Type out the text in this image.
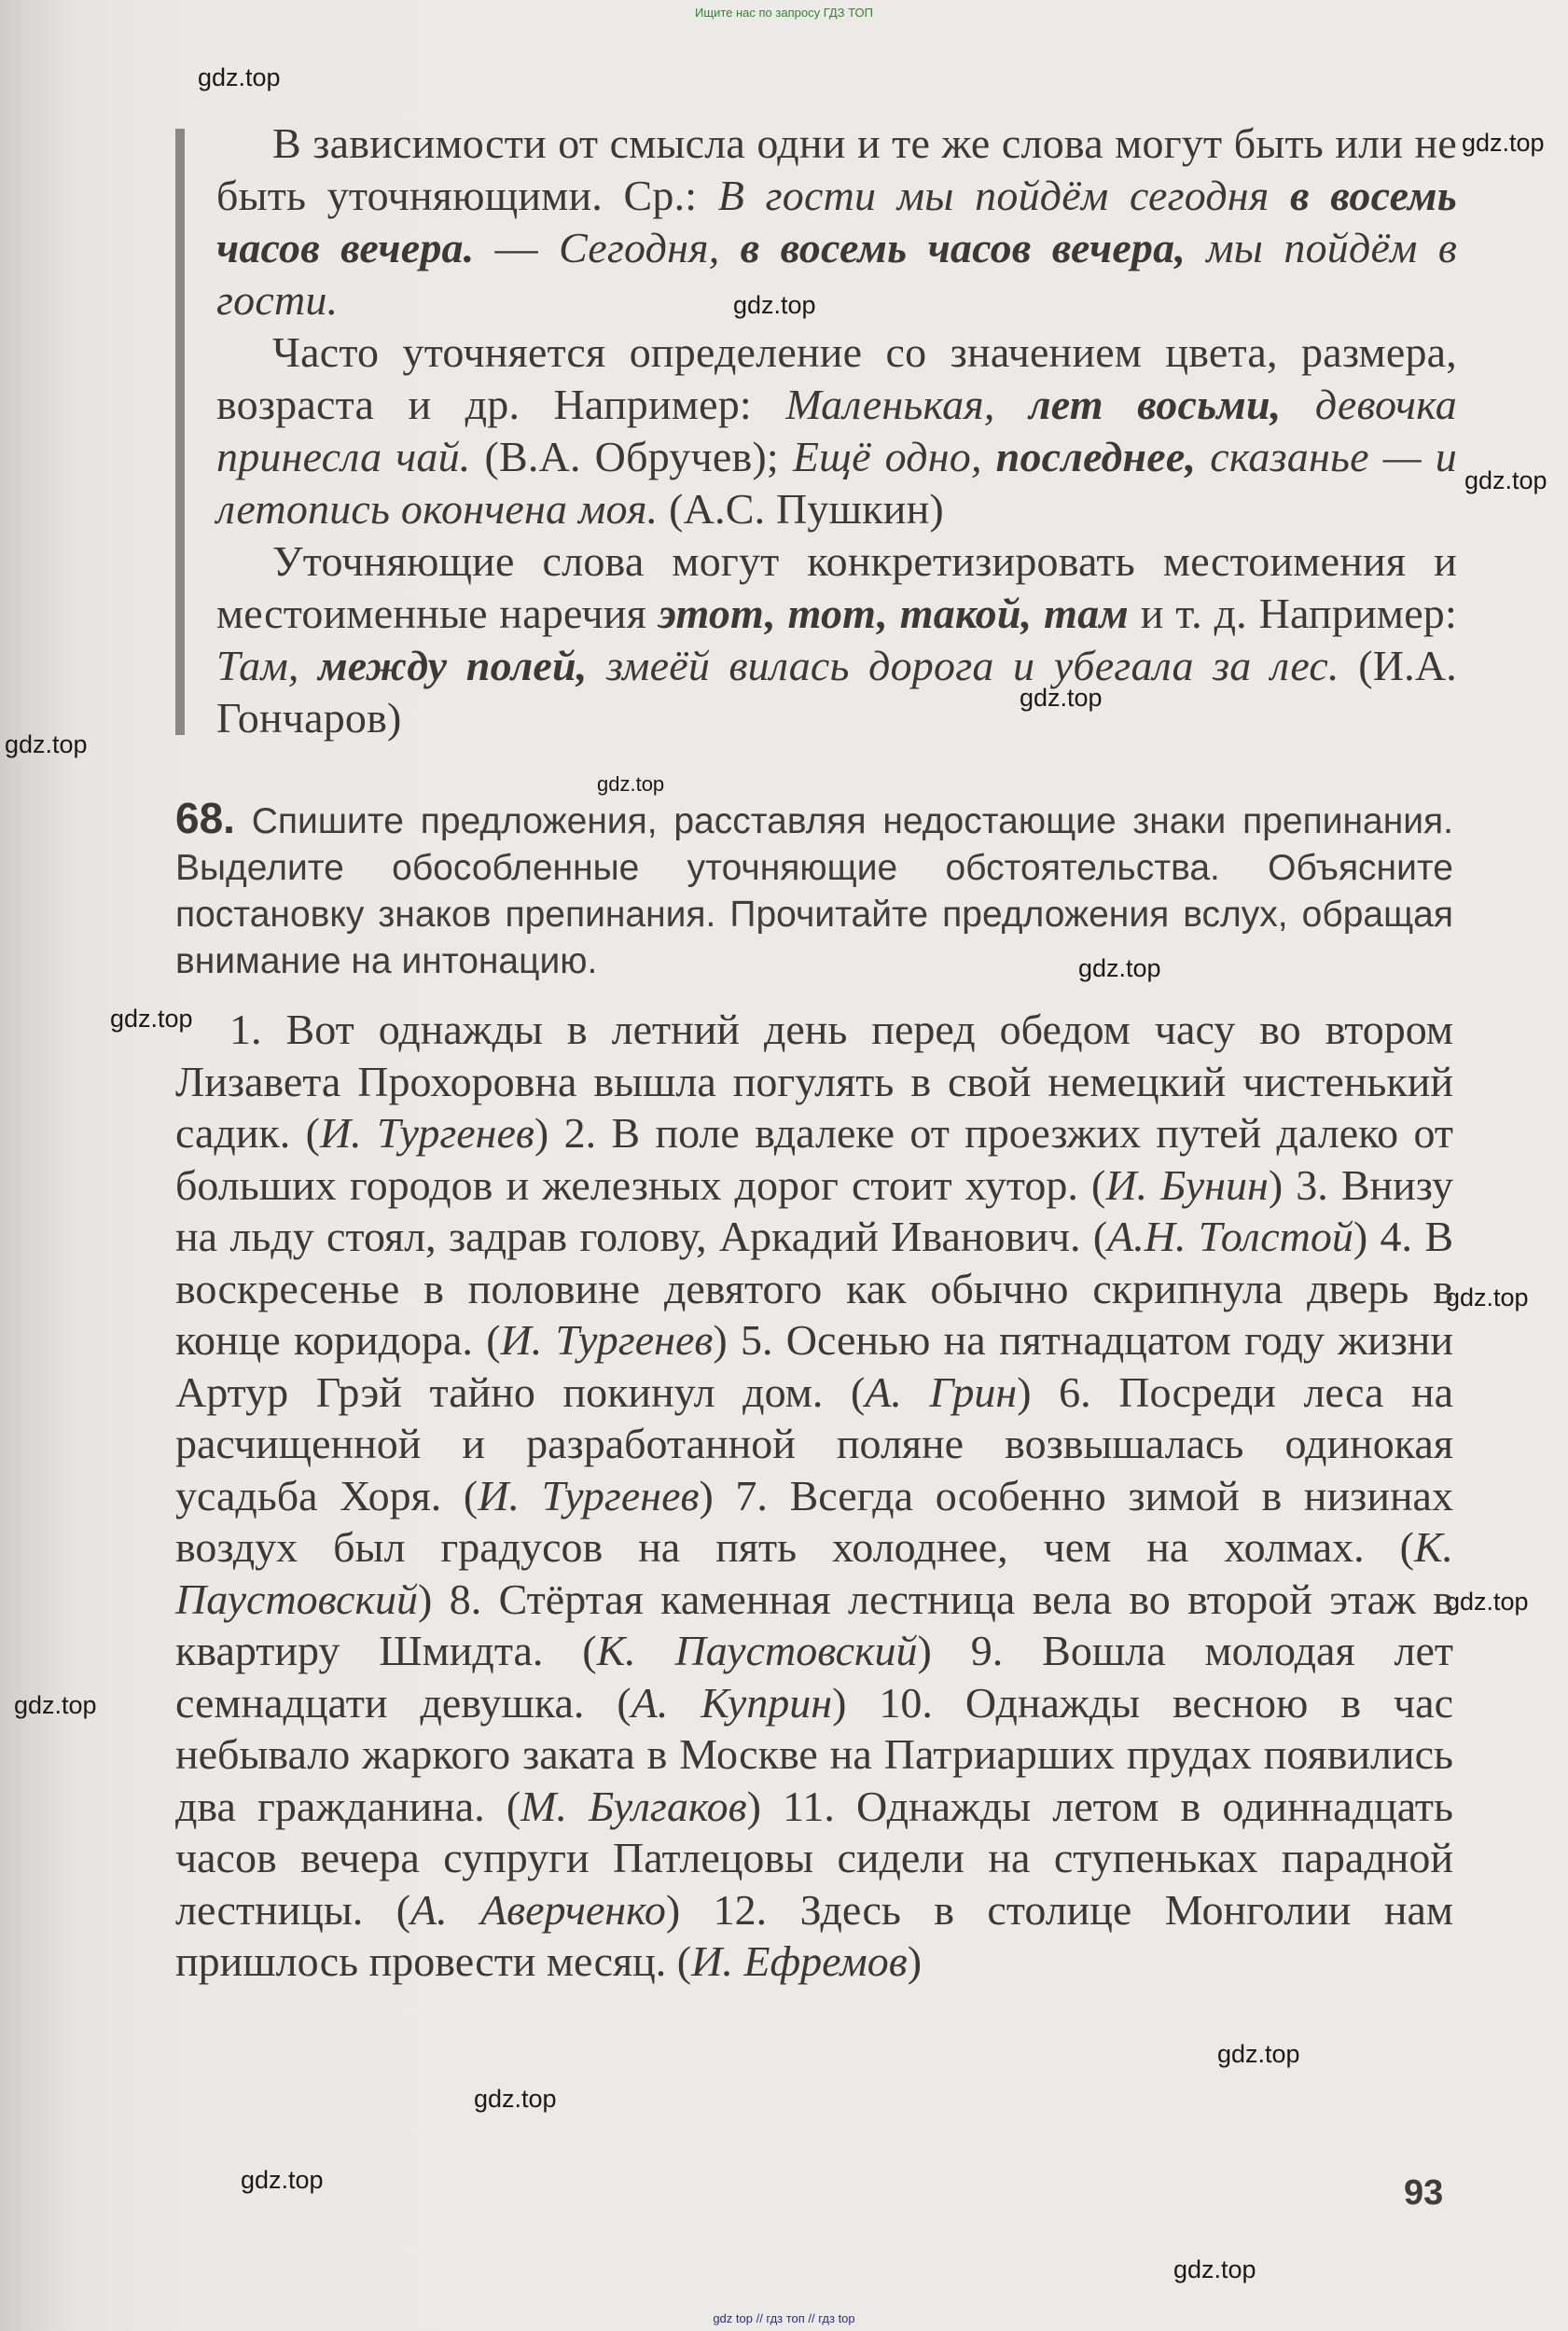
Ищите нас по запросу ГДЗ ТОП
gdz.top
gdz.top
gdz.top
gdz.top
gdz.top
gdz.top
gdz.top
gdz.top
gdz.top
gdz.top
gdz.top
gdz.top
gdz.top
gdz.top
gdz.top
gdz.top

В зависимости от смысла одни и те же слова могут быть или не быть уточняющими. Ср.: В гости мы пойдём сегодня в восемь часов вечера. — Сегодня, в восемь часов вечера, мы пойдём в гости.

Часто уточняется определение со значением цвета, размера, возраста и др. Например: Маленькая, лет восьми, девочка принесла чай. (В.А. Обручев); Ещё одно, последнее, сказанье — и летопись окончена моя. (А.С. Пушкин)

Уточняющие слова могут конкретизировать местоимения и местоименные наречия этот, тот, такой, там и т. д. Например: Там, между полей, змеёй вилась дорога и убегала за лес. (И.А. Гончаров)

68. Спишите предложения, расставляя недостающие знаки препинания. Выделите обособленные уточняющие обстоятельства. Объясните постановку знаков препинания. Прочитайте предложения вслух, обращая внимание на интонацию.
1. Вот однажды в летний день перед обедом часу во втором Лизавета Прохоровна вышла погулять в свой немецкий чистенький садик. (И. Тургенев) 2. В поле вдалеке от проезжих путей далеко от больших городов и железных дорог стоит хутор. (И. Бунин) 3. Внизу на льду стоял, задрав голову, Аркадий Иванович. (А.Н. Толстой) 4. В воскресенье в половине девятого как обычно скрипнула дверь в конце коридора. (И. Тургенев) 5. Осенью на пятнадцатом году жизни Артур Грэй тайно покинул дом. (А. Грин) 6. Посреди леса на расчищенной и разработанной поляне возвышалась одинокая усадьба Хоря. (И. Тургенев) 7. Всегда особенно зимой в низинах воздух был градусов на пять холоднее, чем на холмах. (К. Паустовский) 8. Стёртая каменная лестница вела во второй этаж в квартиру Шмидта. (К. Паустовский) 9. Вошла молодая лет семнадцати девушка. (А. Куприн) 10. Однажды весною в час небывало жаркого заката в Москве на Патриарших прудах появились два гражданина. (М. Булгаков) 11. Однажды летом в одиннадцать часов вечера супруги Патлецовы сидели на ступеньках парадной лестницы. (А. Аверченко) 12. Здесь в столице Монголии нам пришлось провести месяц. (И. Ефремов)
93
gdz top // гдз топ // гдз top
